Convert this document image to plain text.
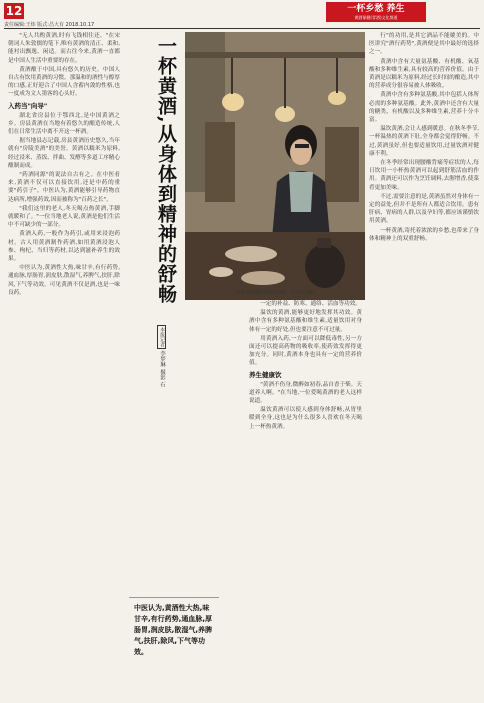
12
责任编辑:王炜 版式:昌大有 2018.10.17
一杯乡愁 养生
黄酒保健(青酒)文化频道

"无人共酌黄酒,时有飞钱相往还。"在宋朝词人朱敦儒的笔下,唯有黄酒的清正、柔和,能衬出飘逸、闲适。而古往今来,黄酒一直都是中国人生活中重要的存在。

黄酒酿于中国,具有悠久的历史。中国人自古有饮用黄酒的习惯。那温和的酒性与醇厚的口感,正好迎合了中国人含蓄内敛的性格,也一度成为文人墨客的心头好。

入药当"向导"

湖北省房县位于鄂西北,是中国黄酒之乡。房县黄酒在当地有着悠久的酿造传统,人们在日常生活中离不开这一杯酒。

据当地县志记载,房县黄酒历史悠久,当年就有"房陵美酒"的美誉。黄酒以糯米为原料,经过浸米、蒸饭、拌曲、发酵等多道工序精心酿制而成。

"药酒同源"的说法自古有之。在中医看来,黄酒不仅可以直接饮用,还是中药的重要"药引子"。中医认为,黄酒能够引导药物直达病所,增强药效,因而被称为"百药之长"。

"我们这里的老人,冬天喝点热黄酒,手脚就暖和了。"一位当地老人说,黄酒是他们生活中不可缺少的一部分。

黄酒入药,一般作为药引,或用来浸泡药材。古人用黄酒制作药酒,如用黄酒浸泡人参、枸杞、当归等药材,以达到滋补养生的效果。

中医认为,黄酒性大热,味甘辛,有行药势,通血脉,厚肠胃,润皮肤,散湿气,养脾气,扶肝,除风,下气等功效。可见黄酒不仅是酒,也是一味良药。	一杯黄酒,从身体到精神的舒畅
本报记者 李梦琳 摄影 石
房县黄酒博物馆的黄酒馆。(卢昌渠/摄)

一定的补益、防寒、通络、活血等功效。

温饮的黄酒,能够更好地发挥其功效。黄酒中含有多种氨基酸和维生素,适量饮用对身体有一定的好处,但也要注意不可过量。

用黄酒入药,一方面可以降低毒性,另一方面还可以提高药物的吸收率,使药效发挥得更加充分。同时,黄酒本身也具有一定的营养价值。

养生健康饮

"黄酒不伤身,微醉如初春,品自香于柴。天道养人啊。"在当地,一位爱喝黄酒的老人这样说道。

温饮黄酒可以使人感到身体舒畅,从胃里暖到全身,这也是为什么很多人喜欢在冬天喝上一杯热黄酒。

中医认为,黄酒性大热,味甘辛,有行药势,通血脉,厚肠胃,润皮肤,散湿气,养脾气,扶肝,除风,下气等功效。

行"的功用,是其它酒品不能媲美的。中医讲究"酒行药势",黄酒便是其中最好的选择之一。

黄酒中含有大量氨基酸、有机酸、氧基酸和多种维生素,具有较高的营养价值。由于黄酒是以糯米为原料,经过长时间的酿造,其中的营养成分很容易被人体吸收。

黄酒中含有多种氨基酸,其中包括人体所必需的多种氨基酸。此外,黄酒中还含有大量的糖类、有机酸以及多种维生素,营养十分丰富。

温饮黄酒,会让人感到暖意。在秋冬季节,一杯温热的黄酒下肚,全身都会觉得舒畅。不过,黄酒虽好,但也要适量饮用,过量饮酒对健康不利。

在冬季经常出现腰酸背痛等症状的人,每日饮用一小杯热黄酒可以起到舒筋活血的作用。黄酒还可以作为烹饪调料,去腥增香,使菜肴更加美味。

不过,需要注意的是,黄酒虽然对身体有一定的益处,但并不是所有人都适合饮用。患有肝病、胃病的人群,以及孕妇等,都应该谨慎饮用黄酒。

一杯黄酒,寄托着浓浓的乡愁,也带来了身体和精神上的双重舒畅。
